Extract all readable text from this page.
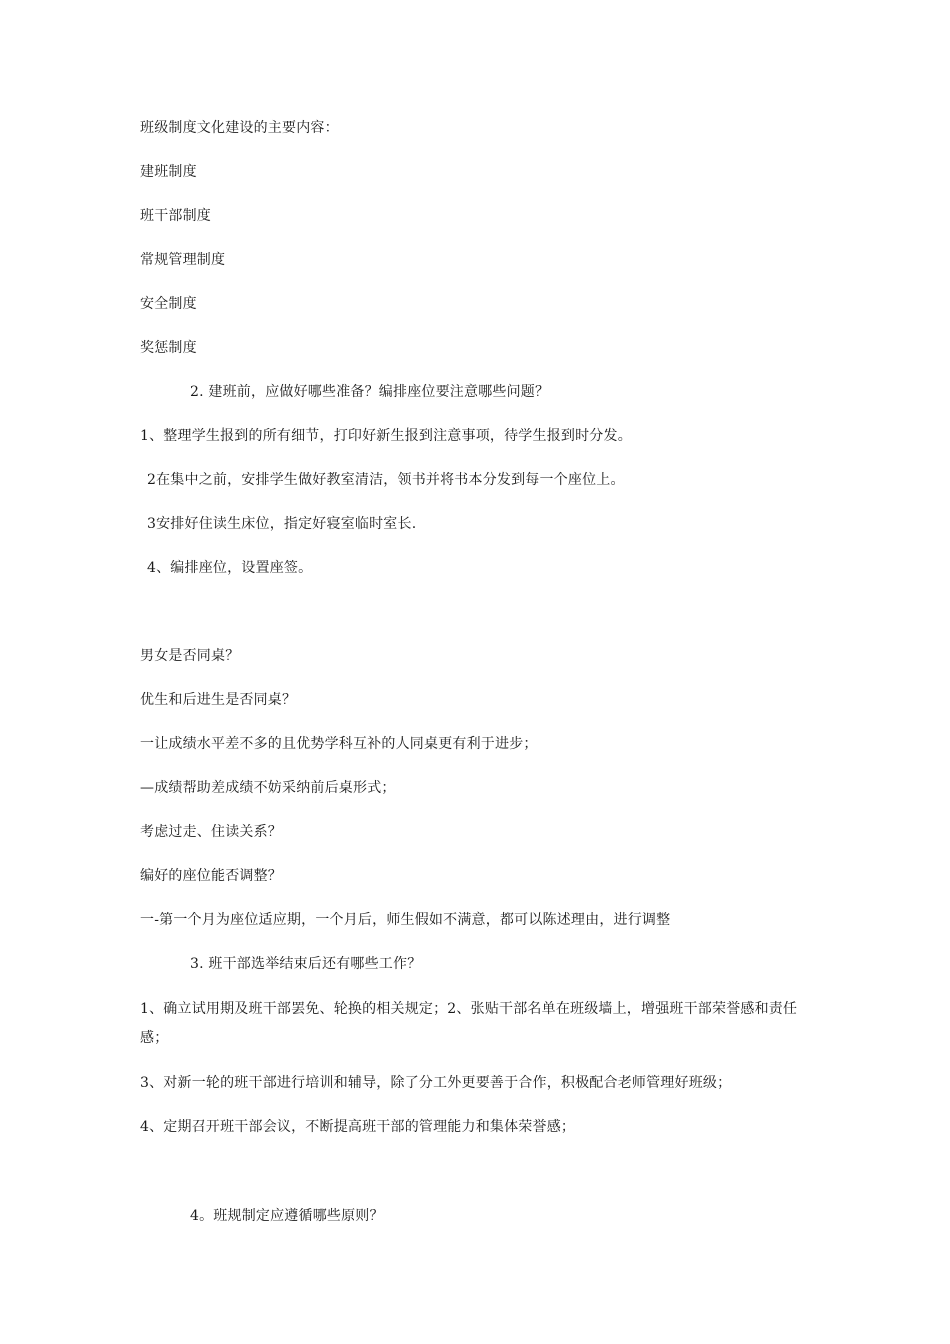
班级制度文化建设的主要内容：
建班制度
班干部制度
常规管理制度
安全制度
奖惩制度
2. 建班前，应做好哪些准备？编排座位要注意哪些问题？
1、整理学生报到的所有细节，打印好新生报到注意事项，待学生报到时分发。
2在集中之前，安排学生做好教室清洁，领书并将书本分发到每一个座位上。
3安排好住读生床位，指定好寝室临时室长.
4、编排座位，设置座签。
男女是否同桌？
优生和后进生是否同桌？
一让成绩水平差不多的且优势学科互补的人同桌更有利于进步；
—成绩帮助差成绩不妨采纳前后桌形式；
考虑过走、住读关系？
编好的座位能否调整？
一-第一个月为座位适应期，一个月后，师生假如不满意，都可以陈述理由，进行调整
3. 班干部选举结束后还有哪些工作？
1、确立试用期及班干部罢免、轮换的相关规定；2、张贴干部名单在班级墙上，增强班干部荣誉感和责任感；
3、对新一轮的班干部进行培训和辅导，除了分工外更要善于合作，积极配合老师管理好班级；
4、定期召开班干部会议，不断提高班干部的管理能力和集体荣誉感；
4。班规制定应遵循哪些原则？
